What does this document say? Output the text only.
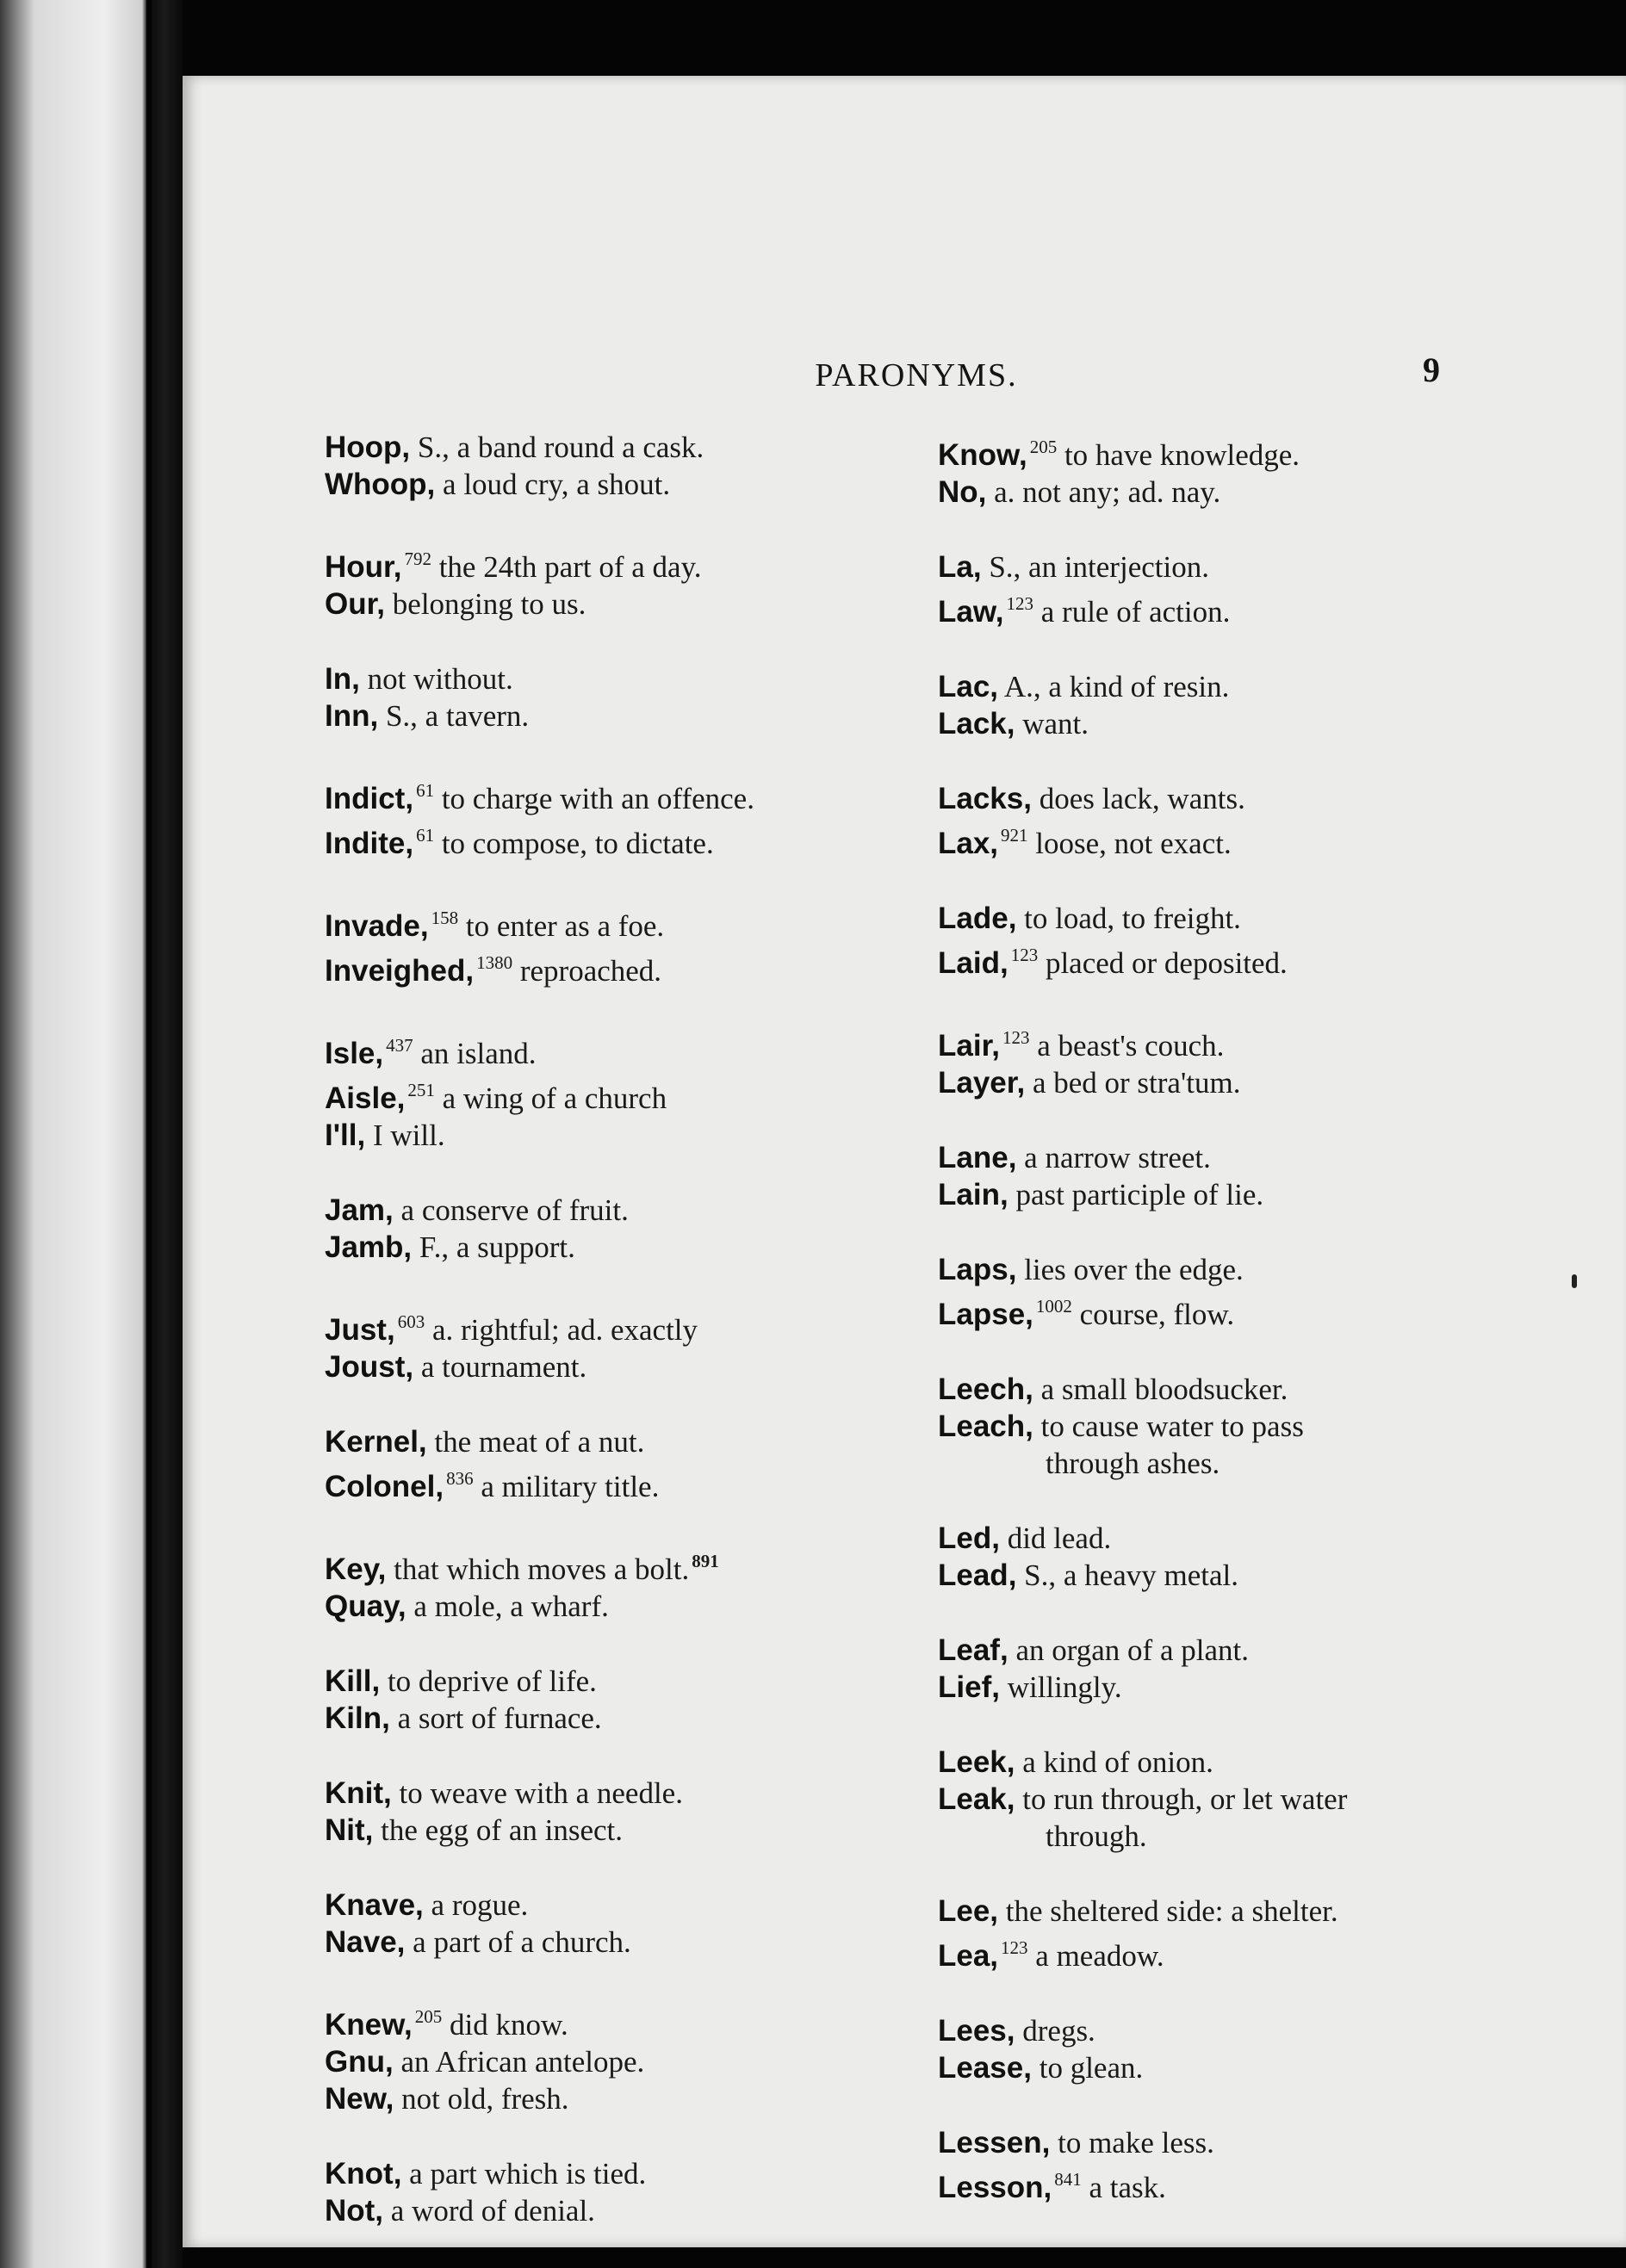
PARONYMS.	9
Hoop, S., a band round a cask.
Whoop, a loud cry, a shout.
Hour, $^{792}$ the 24th part of a day.
Our, belonging to us.
In, not without.
Inn, S., a tavern.
Indict, $^{61}$ to charge with an offence.
Indite, $^{61}$ to compose, to dictate.
Invade, $^{158}$ to enter as a foe.
Inveighed, $^{1380}$ reproached.
Isle, $^{437}$ an island.
Aisle, $^{251}$ a wing of a church
I'll, I will.
Jam, a conserve of fruit.
Jamb, F., a support.
Just, $^{603}$ a. rightful; ad. exactly
Joust, a tournament.
Kernel, the meat of a nut.
Colonel, $^{836}$ a military title.
Key, that which moves a bolt. $^{891}$
Quay, a mole, a wharf.
Kill, to deprive of life.
Kiln, a sort of furnace.
Knit, to weave with a needle.
Nit, the egg of an insect.
Knave, a rogue.
Nave, a part of a church.
Knew, $^{205}$ did know.
Gnu, an African antelope.
New, not old, fresh.
Knot, a part which is tied.
Not, a word of denial.
Know, $^{205}$ to have knowledge.
No, a. not any; ad. nay.
La, S., an interjection.
Law, $^{123}$ a rule of action.
Lac, A., a kind of resin.
Lack, want.
Lacks, does lack, wants.
Lax, $^{921}$ loose, not exact.
Lade, to load, to freight.
Laid, $^{123}$ placed or deposited.
Lair, $^{123}$ a beast's couch.
Layer, a bed or stra'tum.
Lane, a narrow street.
Lain, past participle of lie.
Laps, lies over the edge.
Lapse, $^{1002}$ course, flow.
Leech, a small bloodsucker.
Leach, to cause water to pass
through ashes.
Led, did lead.
Lead, S., a heavy metal.
Leaf, an organ of a plant.
Lief, willingly.
Leek, a kind of onion.
Leak, to run through, or let water
through.
Lee, the sheltered side: a shelter.
Lea, $^{123}$ a meadow.
Lees, dregs.
Lease, to glean.
Lessen, to make less.
Lesson, $^{841}$ a task.
